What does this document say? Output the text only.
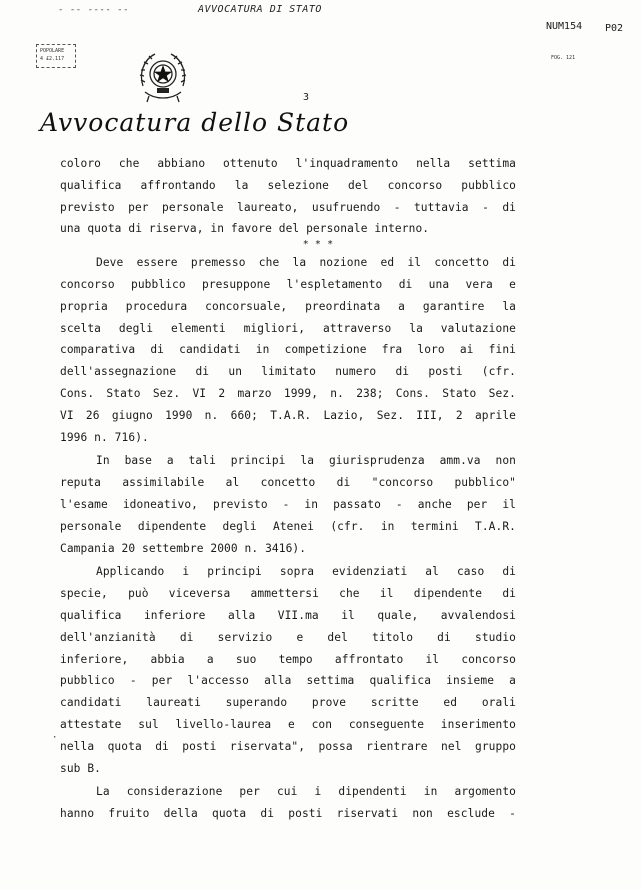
- -- ---- --	AVVOCATURA DI STATO
NUM154 P02
FOG. 121
POPOLARE
4 £2.117
3
Avvocatura dello Stato
coloro che abbiano ottenuto l'inquadramento nella settima
qualifica affrontando la selezione del concorso pubblico
previsto per personale laureato, usufruendo - tuttavia - di
una quota di riserva, in favore del personale interno.
* * *
Deve essere premesso che la nozione ed il concetto di
concorso pubblico presuppone l'espletamento di una vera e
propria procedura concorsuale, preordinata a garantire la
scelta degli elementi migliori, attraverso la valutazione
comparativa di candidati in competizione fra loro ai fini
dell'assegnazione di un limitato numero di posti (cfr.
Cons. Stato Sez. VI 2 marzo 1999, n. 238; Cons. Stato Sez.
VI 26 giugno 1990 n. 660; T.A.R. Lazio, Sez. III, 2 aprile
1996 n. 716).
In base a tali principi la giurisprudenza amm.va non
reputa assimilabile al concetto di "concorso pubblico"
l'esame idoneativo, previsto - in passato - anche per il
personale dipendente degli Atenei (cfr. in termini T.A.R.
Campania 20 settembre 2000 n. 3416).
Applicando i principi sopra evidenziati al caso di
specie, può viceversa ammettersi che il dipendente di
qualifica inferiore alla VII.ma il quale, avvalendosi
dell'anzianità di servizio e del titolo di studio
inferiore, abbia a suo tempo affrontato il concorso
pubblico - per l'accesso alla settima qualifica insieme a
candidati laureati superando prove scritte ed orali
attestate sul livello-laurea e con conseguente inserimento
nella quota di posti riservata", possa rientrare nel gruppo
sub B.
La considerazione per cui i dipendenti in argomento
hanno fruito della quota di posti riservati non esclude -
·
